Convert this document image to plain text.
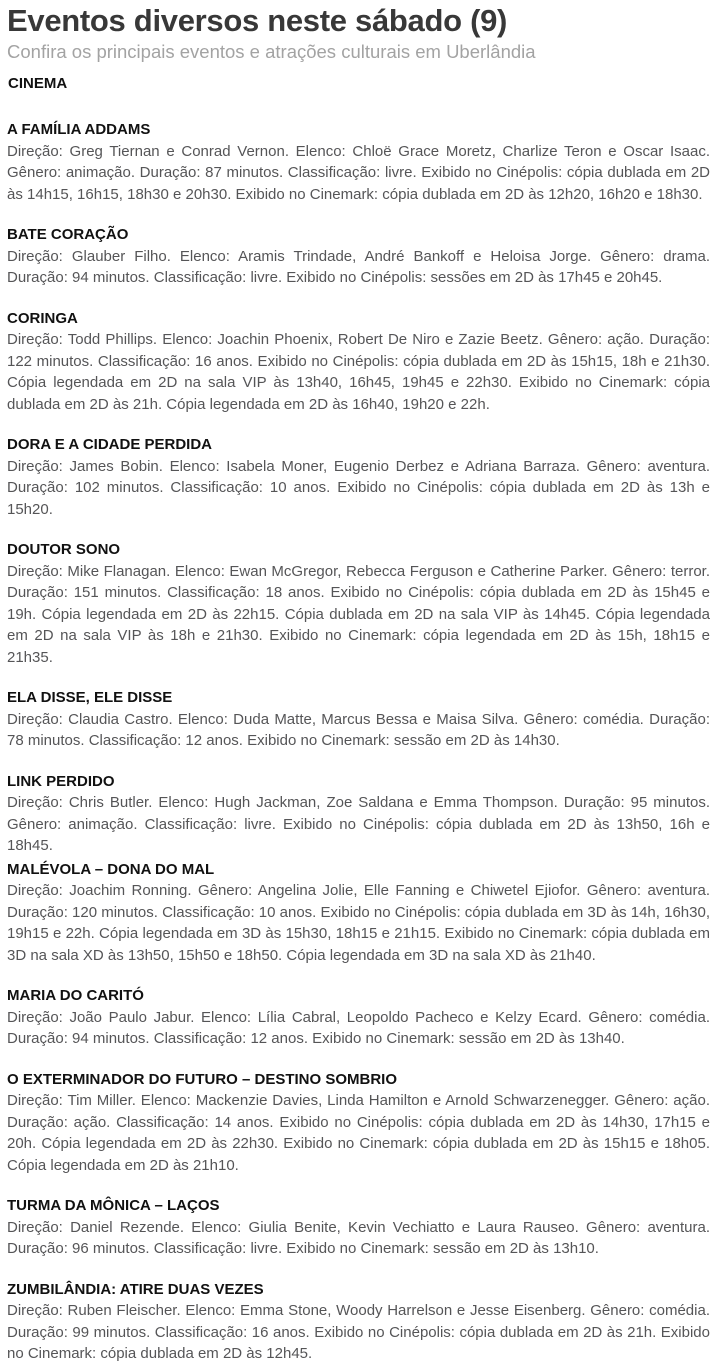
Eventos diversos neste sábado (9)
Confira os principais eventos e atrações culturais em Uberlândia
CINEMA
A FAMÍLIA ADDAMS

Direção: Greg Tiernan e Conrad Vernon. Elenco: Chloë Grace Moretz, Charlize Teron e Oscar Isaac. Gênero: animação. Duração: 87 minutos. Classificação: livre. Exibido no Cinépolis: cópia dublada em 2D às 14h15, 16h15, 18h30 e 20h30. Exibido no Cinemark: cópia dublada em 2D às 12h20, 16h20 e 18h30.

BATE CORAÇÃO

Direção: Glauber Filho. Elenco: Aramis Trindade, André Bankoff e Heloisa Jorge. Gênero: drama. Duração: 94 minutos. Classificação: livre. Exibido no Cinépolis: sessões em 2D às 17h45 e 20h45.

CORINGA

Direção: Todd Phillips. Elenco: Joachin Phoenix, Robert De Niro e Zazie Beetz. Gênero: ação. Duração: 122 minutos. Classificação: 16 anos. Exibido no Cinépolis: cópia dublada em 2D às 15h15, 18h e 21h30. Cópia legendada em 2D na sala VIP às 13h40, 16h45, 19h45 e 22h30. Exibido no Cinemark: cópia dublada em 2D às 21h. Cópia legendada em 2D às 16h40, 19h20 e 22h.

DORA E A CIDADE PERDIDA

Direção: James Bobin. Elenco: Isabela Moner, Eugenio Derbez e Adriana Barraza. Gênero: aventura. Duração: 102 minutos. Classificação: 10 anos. Exibido no Cinépolis: cópia dublada em 2D às 13h e 15h20.

DOUTOR SONO

Direção: Mike Flanagan. Elenco: Ewan McGregor, Rebecca Ferguson e Catherine Parker. Gênero: terror. Duração: 151 minutos. Classificação: 18 anos. Exibido no Cinépolis: cópia dublada em 2D às 15h45 e 19h. Cópia legendada em 2D às 22h15. Cópia dublada em 2D na sala VIP às 14h45. Cópia legendada em 2D na sala VIP às 18h e 21h30. Exibido no Cinemark: cópia legendada em 2D às 15h, 18h15 e 21h35.

ELA DISSE, ELE DISSE

Direção: Claudia Castro. Elenco: Duda Matte, Marcus Bessa e Maisa Silva. Gênero: comédia. Duração: 78 minutos. Classificação: 12 anos. Exibido no Cinemark: sessão em 2D às 14h30.

LINK PERDIDO

Direção: Chris Butler. Elenco: Hugh Jackman, Zoe Saldana e Emma Thompson. Duração: 95 minutos. Gênero: animação. Classificação: livre. Exibido no Cinépolis: cópia dublada em 2D às 13h50, 16h e 18h45.

MALÉVOLA – DONA DO MAL

Direção: Joachim Ronning. Gênero: Angelina Jolie, Elle Fanning e Chiwetel Ejiofor. Gênero: aventura. Duração: 120 minutos. Classificação: 10 anos. Exibido no Cinépolis: cópia dublada em 3D às 14h, 16h30, 19h15 e 22h. Cópia legendada em 3D às 15h30, 18h15 e 21h15. Exibido no Cinemark: cópia dublada em 3D na sala XD às 13h50, 15h50 e 18h50. Cópia legendada em 3D na sala XD às 21h40.

MARIA DO CARITÓ

Direção: João Paulo Jabur. Elenco: Lília Cabral, Leopoldo Pacheco e Kelzy Ecard. Gênero: comédia. Duração: 94 minutos. Classificação: 12 anos. Exibido no Cinemark: sessão em 2D às 13h40.

O EXTERMINADOR DO FUTURO – DESTINO SOMBRIO

Direção: Tim Miller. Elenco: Mackenzie Davies, Linda Hamilton e Arnold Schwarzenegger. Gênero: ação. Duração: ação. Classificação: 14 anos. Exibido no Cinépolis: cópia dublada em 2D às 14h30, 17h15 e 20h. Cópia legendada em 2D às 22h30. Exibido no Cinemark: cópia dublada em 2D às 15h15 e 18h05. Cópia legendada em 2D às 21h10.

TURMA DA MÔNICA – LAÇOS

Direção: Daniel Rezende. Elenco: Giulia Benite, Kevin Vechiatto e Laura Rauseo. Gênero: aventura. Duração: 96 minutos. Classificação: livre. Exibido no Cinemark: sessão em 2D às 13h10.

ZUMBILÂNDIA: ATIRE DUAS VEZES

Direção: Ruben Fleischer. Elenco: Emma Stone, Woody Harrelson e Jesse Eisenberg. Gênero: comédia. Duração: 99 minutos. Classificação: 16 anos. Exibido no Cinépolis: cópia dublada em 2D às 21h. Exibido no Cinemark: cópia dublada em 2D às 12h45.
